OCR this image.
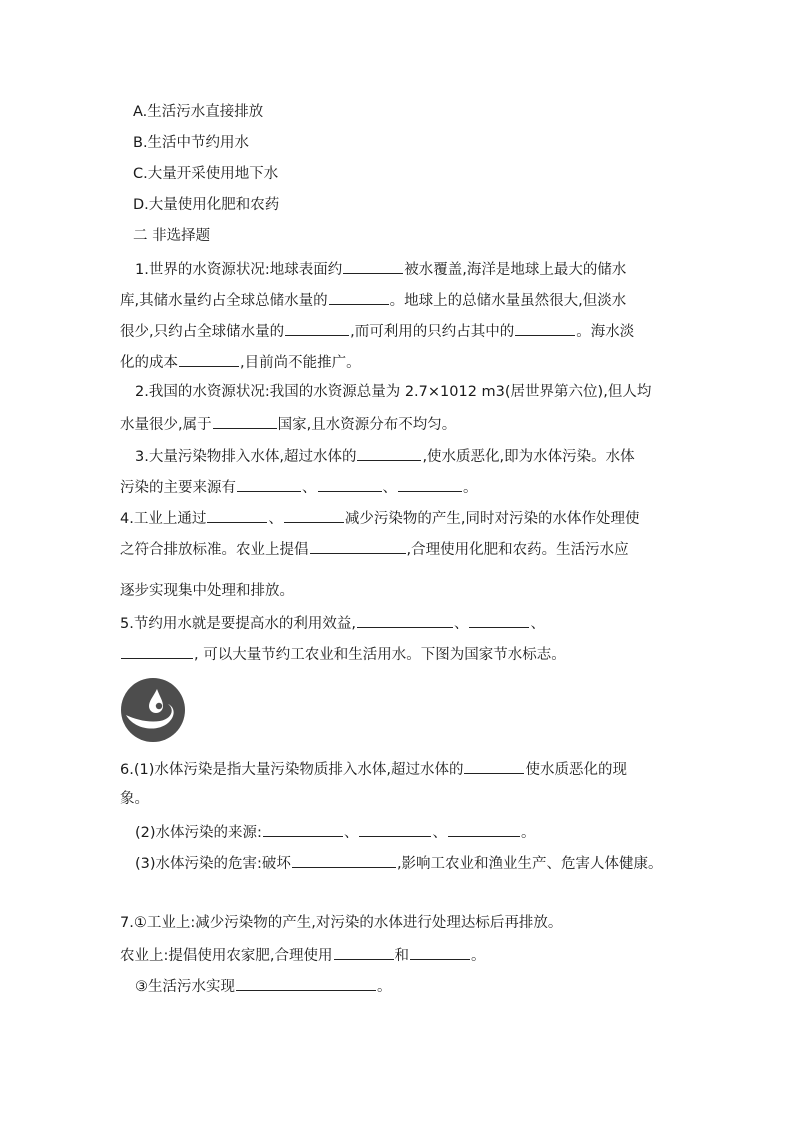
A.生活污水直接排放
B.生活中节约用水
C.大量开采使用地下水
D.大量使用化肥和农药
二 非选择题
1.世界的水资源状况:地球表面约	被水覆盖,海洋是地球上最大的储水
库,其储水量约占全球总储水量的	。地球上的总储水量虽然很大,但淡水
很少,只约占全球储水量的	,而可利用的只约占其中的	。海水淡
化的成本	,目前尚不能推广。
2.我国的水资源状况:我国的水资源总量为 2.7×1012 m3(居世界第六位),但人均
水量很少,属于	国家,且水资源分布不均匀。
3.大量污染物排入水体,超过水体的	,使水质恶化,即为水体污染。水体
污染的主要来源有	、	、	。
4.工业上通过	、	减少污染物的产生,同时对污染的水体作处理使
之符合排放标准。农业上提倡	,合理使用化肥和农药。生活污水应
逐步实现集中处理和排放。
5.节约用水就是要提高水的利用效益,	、	、
, 可以大量节约工农业和生活用水。下图为国家节水标志。
6.(1)水体污染是指大量污染物质排入水体,超过水体的	使水质恶化的现
象。
(2)水体污染的来源:	、	、	。
(3)水体污染的危害:破坏	,影响工农业和渔业生产、危害人体健康。
7.①工业上:减少污染物的产生,对污染的水体进行处理达标后再排放。
农业上:提倡使用农家肥,合理使用	和	。
③生活污水实现	。
